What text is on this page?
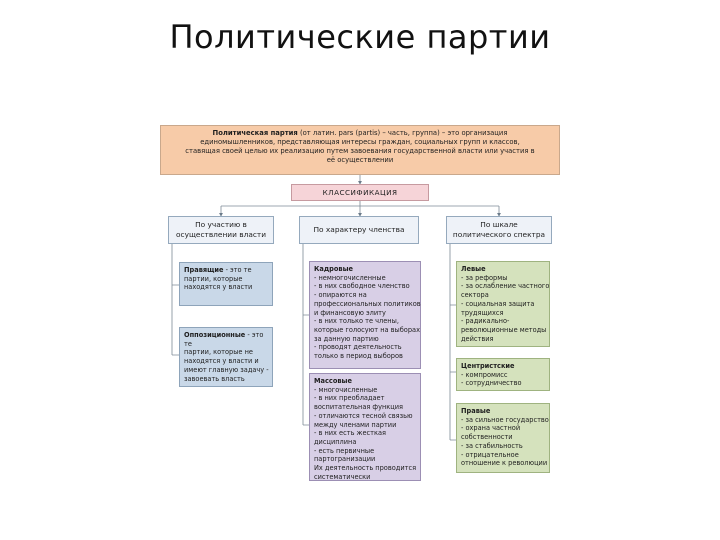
Политические партии
Политическая партия (от латин. pars (partis) – часть, группа) – это организация
единомышленников, представляющая интересы граждан, социальных групп и классов,
ставящая своей целью их реализацию путем завоевания государственной власти или участия в
её осуществлении
КЛАССИФИКАЦИЯ
По участию в осуществлении власти
По характеру членства
По шкале политического спектра
Правящие - это те
партии, которые
находятся у власти
Оппозиционные - это те
партии, которые не
находятся у власти и
имеют главную задачу -
завоевать власть
Кадровые
- немногочисленные
- в них свободное членство
- опираются на
профессиональных политиков
и финансовую элиту
- в них только те члены,
которые голосуют на выборах
за данную партию
- проводят деятельность
только в период выборов
Массовые
- многочисленные
- в них преобладает
воспитательная функция
- отличаются тесной связью
между членами партии
- в них есть жесткая
дисциплина
- есть первичные
партогранизации
Их деятельность проводится
систематически
Левые
- за реформы
- за ослабление частного
сектора
- социальная защита
трудящихся
- радикально-
революционные методы
действия
Центристские
- компромисс
- сотрудничество
Правые
- за сильное государство
- охрана частной
собственности
- за стабильность
- отрицательное
отношение к революции
